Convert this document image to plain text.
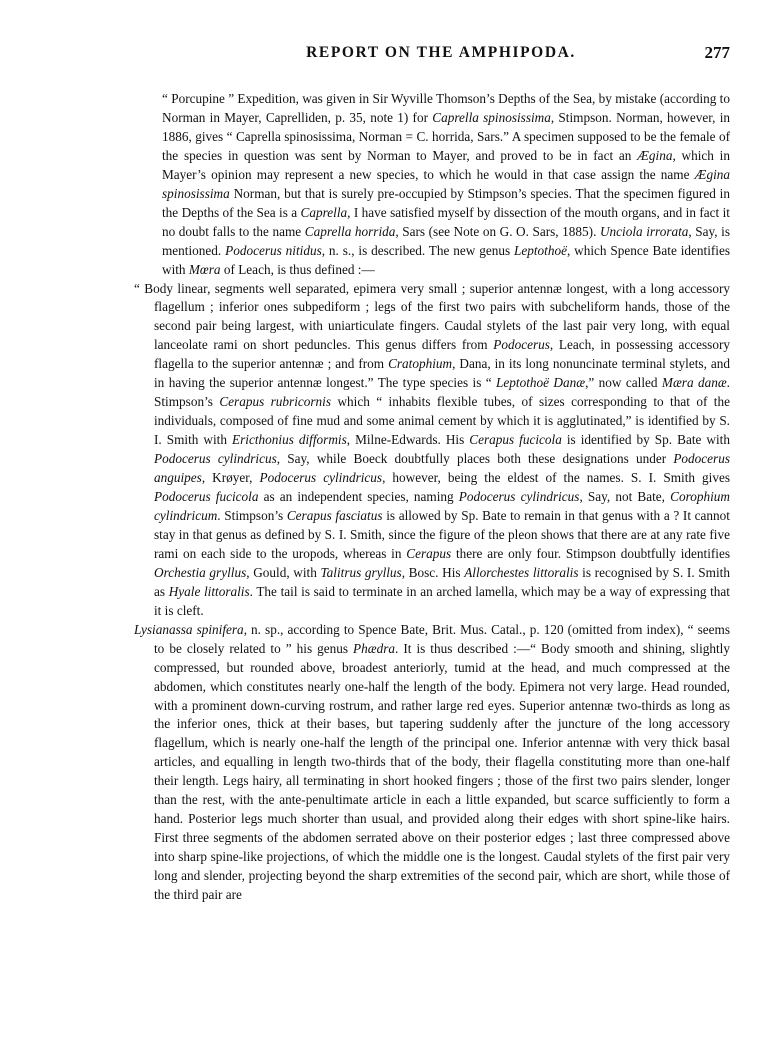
REPORT ON THE AMPHIPODA.	277

“ Porcupine ” Expedition, was given in Sir Wyville Thomson’s Depths of the Sea, by mistake (according to Norman in Mayer, Caprelliden, p. 35, note 1) for Caprella spinosissima, Stimpson. Norman, however, in 1886, gives “ Caprella spinosissima, Norman = C. horrida, Sars.” A specimen supposed to be the female of the species in question was sent by Norman to Mayer, and proved to be in fact an Ægina, which in Mayer’s opinion may represent a new species, to which he would in that case assign the name Ægina spinosissima Norman, but that is surely pre-occupied by Stimpson’s species. That the specimen figured in the Depths of the Sea is a Caprella, I have satisfied myself by dissection of the mouth organs, and in fact it no doubt falls to the name Caprella horrida, Sars (see Note on G. O. Sars, 1885). Unciola irrorata, Say, is mentioned. Podocerus nitidus, n. s., is described. The new genus Leptothoë, which Spence Bate identifies with Mœra of Leach, is thus defined :—

“ Body linear, segments well separated, epimera very small ; superior antennæ longest, with a long accessory flagellum ; inferior ones subpediform ; legs of the first two pairs with subcheliform hands, those of the second pair being largest, with uniarticulate fingers. Caudal stylets of the last pair very long, with equal lanceolate rami on short peduncles. This genus differs from Podocerus, Leach, in possessing accessory flagella to the superior antennæ ; and from Cratophium, Dana, in its long nonuncinate terminal stylets, and in having the superior antennæ longest.” The type species is “ Leptothoë Danæ,” now called Mæra danæ. Stimpson’s Cerapus rubricornis which “ inhabits flexible tubes, of sizes corresponding to that of the individuals, composed of fine mud and some animal cement by which it is agglutinated,” is identified by S. I. Smith with Ericthonius difformis, Milne-Edwards. His Cerapus fucicola is identified by Sp. Bate with Podocerus cylindricus, Say, while Boeck doubtfully places both these designations under Podocerus anguipes, Krøyer, Podocerus cylindricus, however, being the eldest of the names. S. I. Smith gives Podocerus fucicola as an independent species, naming Podocerus cylindricus, Say, not Bate, Corophium cylindricum. Stimpson’s Cerapus fasciatus is allowed by Sp. Bate to remain in that genus with a ? It cannot stay in that genus as defined by S. I. Smith, since the figure of the pleon shows that there are at any rate five rami on each side to the uropods, whereas in Cerapus there are only four. Stimpson doubtfully identifies Orchestia gryllus, Gould, with Talitrus gryllus, Bosc. His Allorchestes littoralis is recognised by S. I. Smith as Hyale littoralis. The tail is said to terminate in an arched lamella, which may be a way of expressing that it is cleft.

Lysianassa spinifera, n. sp., according to Spence Bate, Brit. Mus. Catal., p. 120 (omitted from index), “ seems to be closely related to ” his genus Phædra. It is thus described :—“ Body smooth and shining, slightly compressed, but rounded above, broadest anteriorly, tumid at the head, and much compressed at the abdomen, which constitutes nearly one-half the length of the body. Epimera not very large. Head rounded, with a prominent down-curving rostrum, and rather large red eyes. Superior antennæ two-thirds as long as the inferior ones, thick at their bases, but tapering suddenly after the juncture of the long accessory flagellum, which is nearly one-half the length of the principal one. Inferior antennæ with very thick basal articles, and equalling in length two-thirds that of the body, their flagella constituting more than one-half their length. Legs hairy, all terminating in short hooked fingers ; those of the first two pairs slender, longer than the rest, with the ante-penultimate article in each a little expanded, but scarce sufficiently to form a hand. Posterior legs much shorter than usual, and provided along their edges with short spine-like hairs. First three segments of the abdomen serrated above on their posterior edges ; last three compressed above into sharp spine-like projections, of which the middle one is the longest. Caudal stylets of the first pair very long and slender, projecting beyond the sharp extremities of the second pair, which are short, while those of the third pair are
